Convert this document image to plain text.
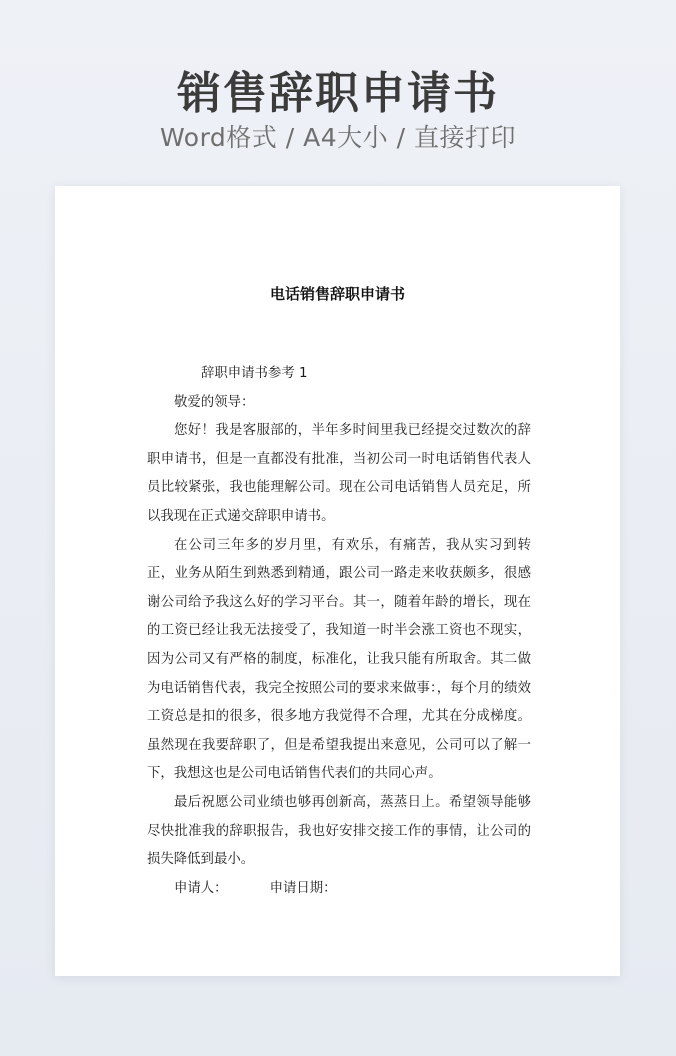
销售辞职申请书
Word格式 / A4大小 / 直接打印
电话销售辞职申请书

辞职申请书参考 1

敬爱的领导：

您好！我是客服部的，半年多时间里我已经提交过数次的辞职申请书，但是一直都没有批准，当初公司一时电话销售代表人员比较紧张，我也能理解公司。现在公司电话销售人员充足，所以我现在正式递交辞职申请书。

在公司三年多的岁月里，有欢乐，有痛苦，我从实习到转正，业务从陌生到熟悉到精通，跟公司一路走来收获颇多，很感谢公司给予我这么好的学习平台。其一，随着年龄的增长，现在的工资已经让我无法接受了，我知道一时半会涨工资也不现实，因为公司又有严格的制度，标准化，让我只能有所取舍。其二做为电话销售代表，我完全按照公司的要求来做事：，每个月的绩效工资总是扣的很多，很多地方我觉得不合理，尤其在分成梯度。虽然现在我要辞职了，但是希望我提出来意见，公司可以了解一下，我想这也是公司电话销售代表们的共同心声。

最后祝愿公司业绩也够再创新高，蒸蒸日上。希望领导能够尽快批准我的辞职报告，我也好安排交接工作的事情，让公司的损失降低到最小。

申请人：	申请日期：
